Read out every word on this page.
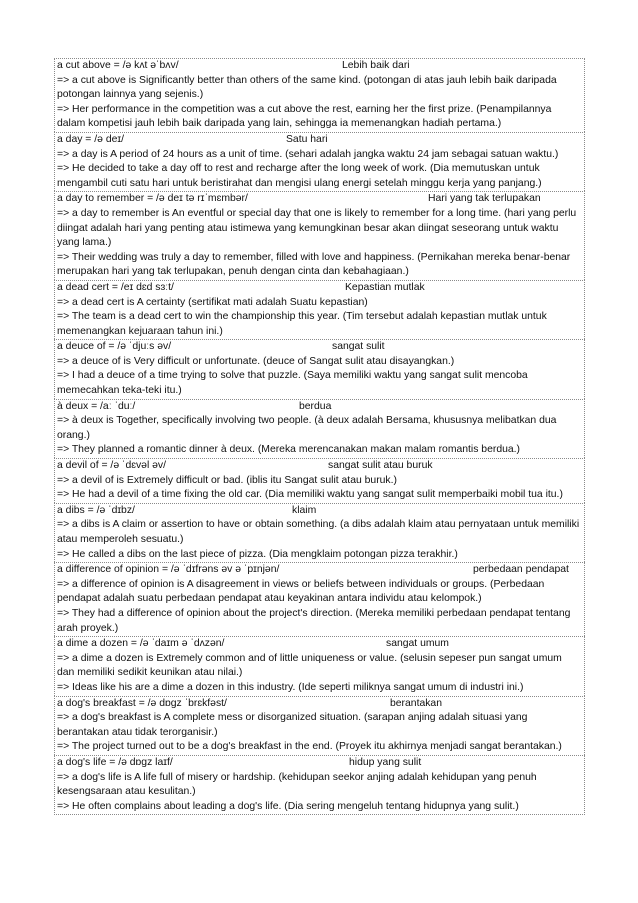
a cut above = /ə kʌt əˈbʌv/	Lebih baik dari
=> a cut above is Significantly better than others of the same kind. (potongan di atas jauh lebih baik daripada potongan lainnya yang sejenis.)
=> Her performance in the competition was a cut above the rest, earning her the first prize. (Penampilannya dalam kompetisi jauh lebih baik daripada yang lain, sehingga ia memenangkan hadiah pertama.)
a day = /ə deɪ/	Satu hari
=> a day is A period of 24 hours as a unit of time. (sehari adalah jangka waktu 24 jam sebagai satuan waktu.)
=> He decided to take a day off to rest and recharge after the long week of work. (Dia memutuskan untuk mengambil cuti satu hari untuk beristirahat dan mengisi ulang energi setelah minggu kerja yang panjang.)
a day to remember = /ə deɪ tə rɪˈmɛmbər/	Hari yang tak terlupakan
=> a day to remember is An eventful or special day that one is likely to remember for a long time. (hari yang perlu diingat adalah hari yang penting atau istimewa yang kemungkinan besar akan diingat seseorang untuk waktu yang lama.)
=> Their wedding was truly a day to remember, filled with love and happiness. (Pernikahan mereka benar-benar merupakan hari yang tak terlupakan, penuh dengan cinta dan kebahagiaan.)
a dead cert = /eɪ dɛd sɜːt/	Kepastian mutlak
=> a dead cert is A certainty (sertifikat mati adalah Suatu kepastian)
=> The team is a dead cert to win the championship this year. (Tim tersebut adalah kepastian mutlak untuk memenangkan kejuaraan tahun ini.)
a deuce of = /ə ˈdjuːs əv/	sangat sulit
=> a deuce of is Very difficult or unfortunate. (deuce of Sangat sulit atau disayangkan.)
=> I had a deuce of a time trying to solve that puzzle. (Saya memiliki waktu yang sangat sulit mencoba memecahkan teka-teki itu.)
à deux = /aː ˈduː/	berdua
=> à deux is Together, specifically involving two people. (à deux adalah Bersama, khususnya melibatkan dua orang.)
=> They planned a romantic dinner à deux. (Mereka merencanakan makan malam romantis berdua.)
a devil of = /ə ˈdɛvəl əv/	sangat sulit atau buruk
=> a devil of is Extremely difficult or bad. (iblis itu Sangat sulit atau buruk.)
=> He had a devil of a time fixing the old car. (Dia memiliki waktu yang sangat sulit memperbaiki mobil tua itu.)
a dibs = /ə ˈdɪbz/	klaim
=> a dibs is A claim or assertion to have or obtain something. (a dibs adalah klaim atau pernyataan untuk memiliki atau memperoleh sesuatu.)
=> He called a dibs on the last piece of pizza. (Dia mengklaim potongan pizza terakhir.)
a difference of opinion = /ə ˈdɪfrəns əv ə ˈpɪnjən/	perbedaan pendapat
=> a difference of opinion is A disagreement in views or beliefs between individuals or groups. (Perbedaan pendapat adalah suatu perbedaan pendapat atau keyakinan antara individu atau kelompok.)
=> They had a difference of opinion about the project's direction. (Mereka memiliki perbedaan pendapat tentang arah proyek.)
a dime a dozen = /ə ˈdaɪm ə ˈdʌzən/	sangat umum
=> a dime a dozen is Extremely common and of little uniqueness or value. (selusin sepeser pun sangat umum dan memiliki sedikit keunikan atau nilai.)
=> Ideas like his are a dime a dozen in this industry. (Ide seperti miliknya sangat umum di industri ini.)
a dog's breakfast = /ə dɒɡz ˈbrɛkfəst/	berantakan
=> a dog's breakfast is A complete mess or disorganized situation. (sarapan anjing adalah situasi yang berantakan atau tidak terorganisir.)
=> The project turned out to be a dog's breakfast in the end. (Proyek itu akhirnya menjadi sangat berantakan.)
a dog's life = /ə dɒɡz laɪf/	hidup yang sulit
=> a dog's life is A life full of misery or hardship. (kehidupan seekor anjing adalah kehidupan yang penuh kesengsaraan atau kesulitan.)
=> He often complains about leading a dog's life. (Dia sering mengeluh tentang hidupnya yang sulit.)
